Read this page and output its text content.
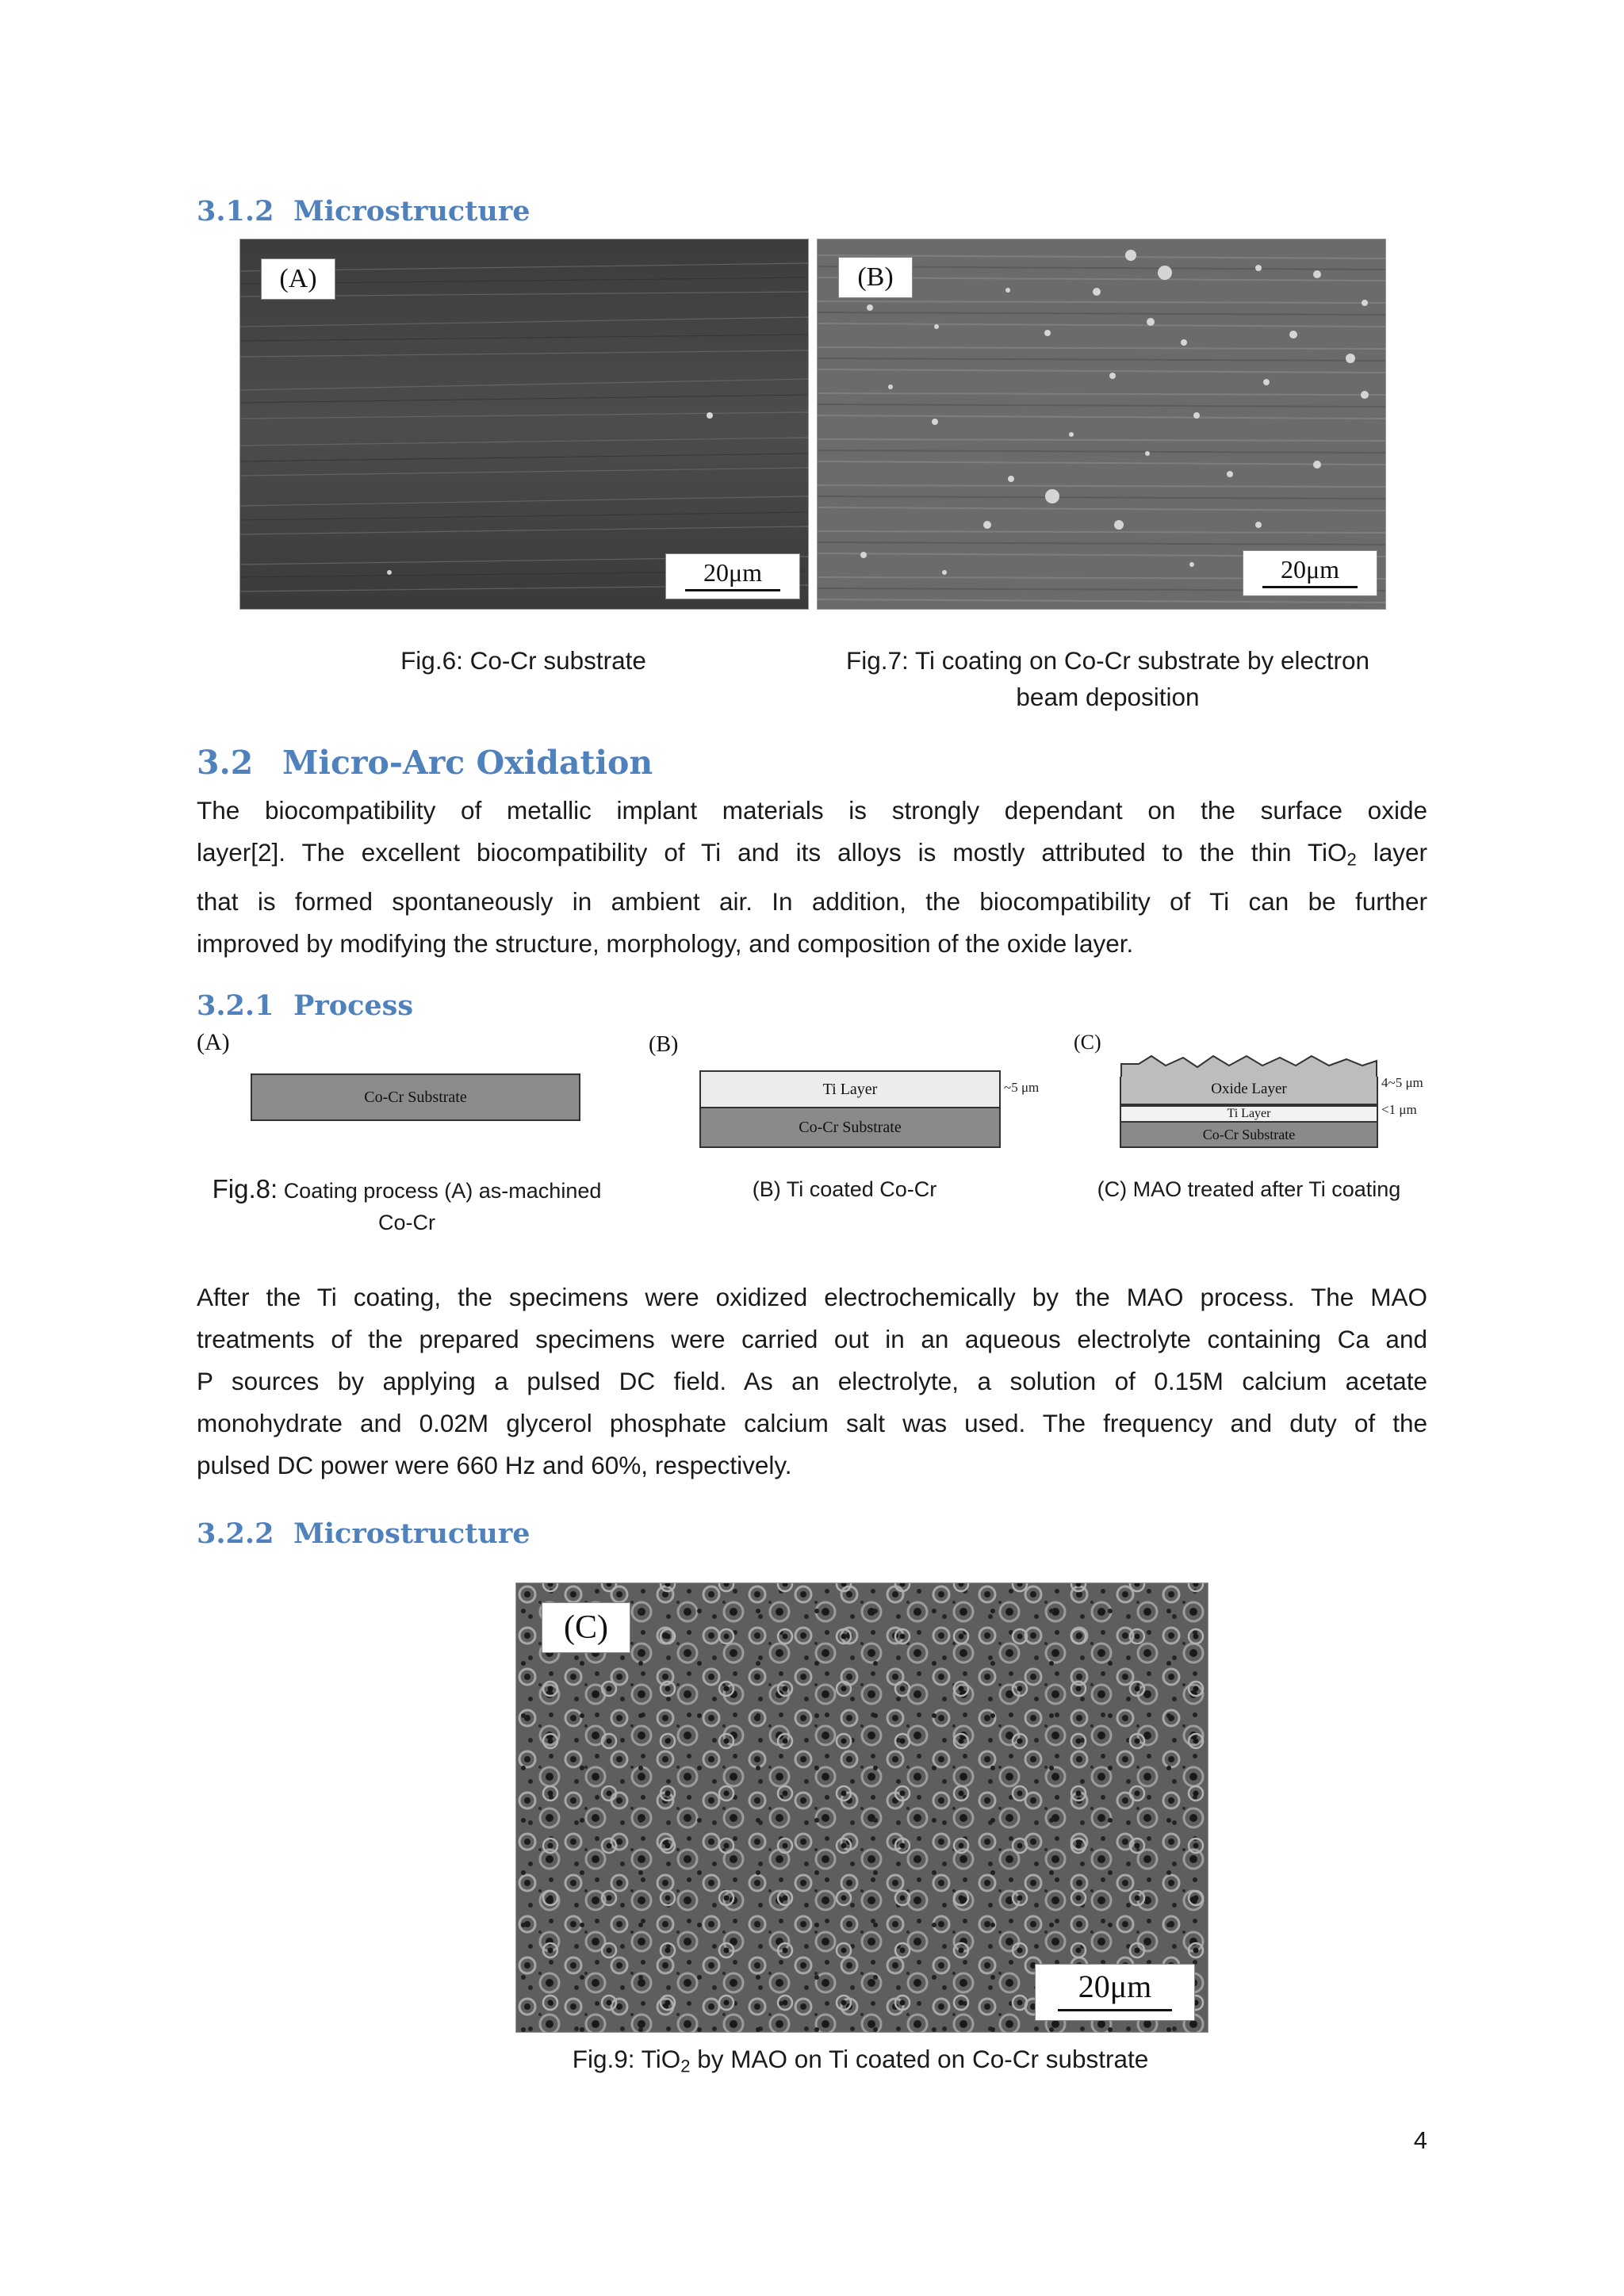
3.1.2 Microstructure
(A)
20μm
(B)
20μm
Fig.6: Co-Cr substrate	Fig.7: Ti coating on Co-Cr substrate by electron
beam deposition
3.2 Micro-Arc Oxidation

The biocompatibility of metallic implant materials is strongly dependant on the surface oxide

layer[2]. The excellent biocompatibility of Ti and its alloys is mostly attributed to the thin TiO$_2$ layer

that is formed spontaneously in ambient air. In addition, the biocompatibility of Ti can be further

improved by modifying the structure, morphology, and composition of the oxide layer.

3.2.1 Process
(A)
Co-Cr Substrate
(B)
Ti Layer
Co-Cr Substrate
~5 μm
(C)
Oxide Layer
Ti Layer
Co-Cr Substrate
4~5 μm
<1 μm
Fig.8: Coating process (A) as-machined
Co-Cr
(B) Ti coated Co-Cr	(C) MAO treated after Ti coating

After the Ti coating, the specimens were oxidized electrochemically by the MAO process. The MAO

treatments of the prepared specimens were carried out in an aqueous electrolyte containing Ca and

P sources by applying a pulsed DC field. As an electrolyte, a solution of 0.15M calcium acetate

monohydrate and 0.02M glycerol phosphate calcium salt was used. The frequency and duty of the

pulsed DC power were 660 Hz and 60%, respectively.

3.2.2 Microstructure
(C)
20μm
Fig.9: TiO$_2$ by MAO on Ti coated on Co-Cr substrate
4
